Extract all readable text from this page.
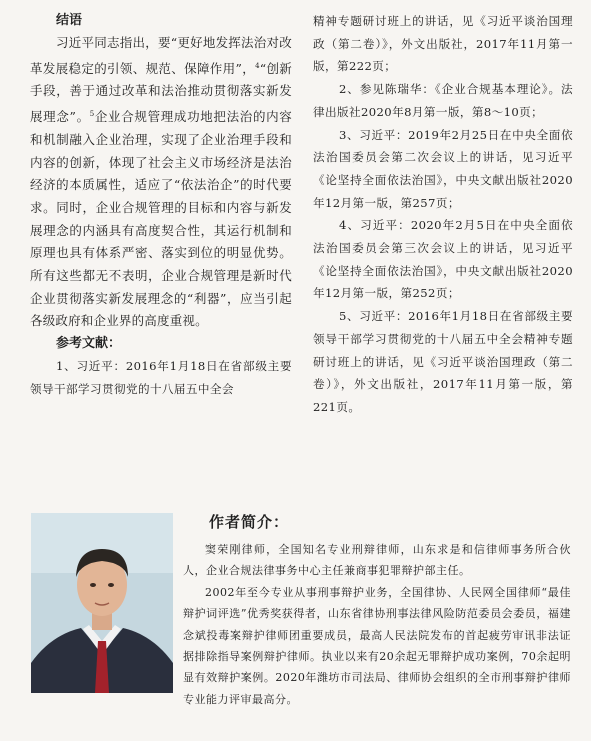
结语

习近平同志指出，要“更好地发挥法治对改革发展稳定的引领、规范、保障作用”，$^4$“创新手段，善于通过改革和法治推动贯彻落实新发展理念”。$^5$企业合规管理成功地把法治的内容和机制融入企业治理，实现了企业治理手段和内容的创新，体现了社会主义市场经济是法治经济的本质属性，适应了“依法治企”的时代要求。同时，企业合规管理的目标和内容与新发展理念的内涵具有高度契合性，其运行机制和原理也具有体系严密、落实到位的明显优势。所有这些都无不表明，企业合规管理是新时代企业贯彻落实新发展理念的“利器”，应当引起各级政府和企业界的高度重视。

参考文献：

1、习近平：2016年1月18日在省部级主要领导干部学习贯彻党的十八届五中全会

精神专题研讨班上的讲话，见《习近平谈治国理政（第二卷）》，外文出版社，2017年11月第一版，第222页；

2、参见陈瑞华：《企业合规基本理论》。法律出版社2020年8月第一版，第8～10页；

3、习近平：2019年2月25日在中央全面依法治国委员会第二次会议上的讲话，见习近平《论坚持全面依法治国》，中央文献出版社2020年12月第一版，第257页；

4、习近平：2020年2月5日在中央全面依法治国委员会第三次会议上的讲话，见习近平《论坚持全面依法治国》，中央文献出版社2020年12月第一版，第252页；

5、习近平：2016年1月18日在省部级主要领导干部学习贯彻党的十八届五中全会精神专题研讨班上的讲话，见《习近平谈治国理政（第二卷）》，外文出版社，2017年11月第一版，第221页。

作者简介：

窦荣刚律师，全国知名专业刑辩律师，山东求是和信律师事务所合伙人，企业合规法律事务中心主任兼商事犯罪辩护部主任。

2002年至今专业从事刑事辩护业务，全国律协、人民网全国律师“最佳辩护词评选”优秀奖获得者，山东省律协刑事法律风险防范委员会委员，福建念斌投毒案辩护律师团重要成员，最高人民法院发布的首起疲劳审讯非法证据排除指导案例辩护律师。执业以来有20余起无罪辩护成功案例，70余起明显有效辩护案例。2020年潍坊市司法局、律师协会组织的全市刑事辩护律师专业能力评审最高分。
